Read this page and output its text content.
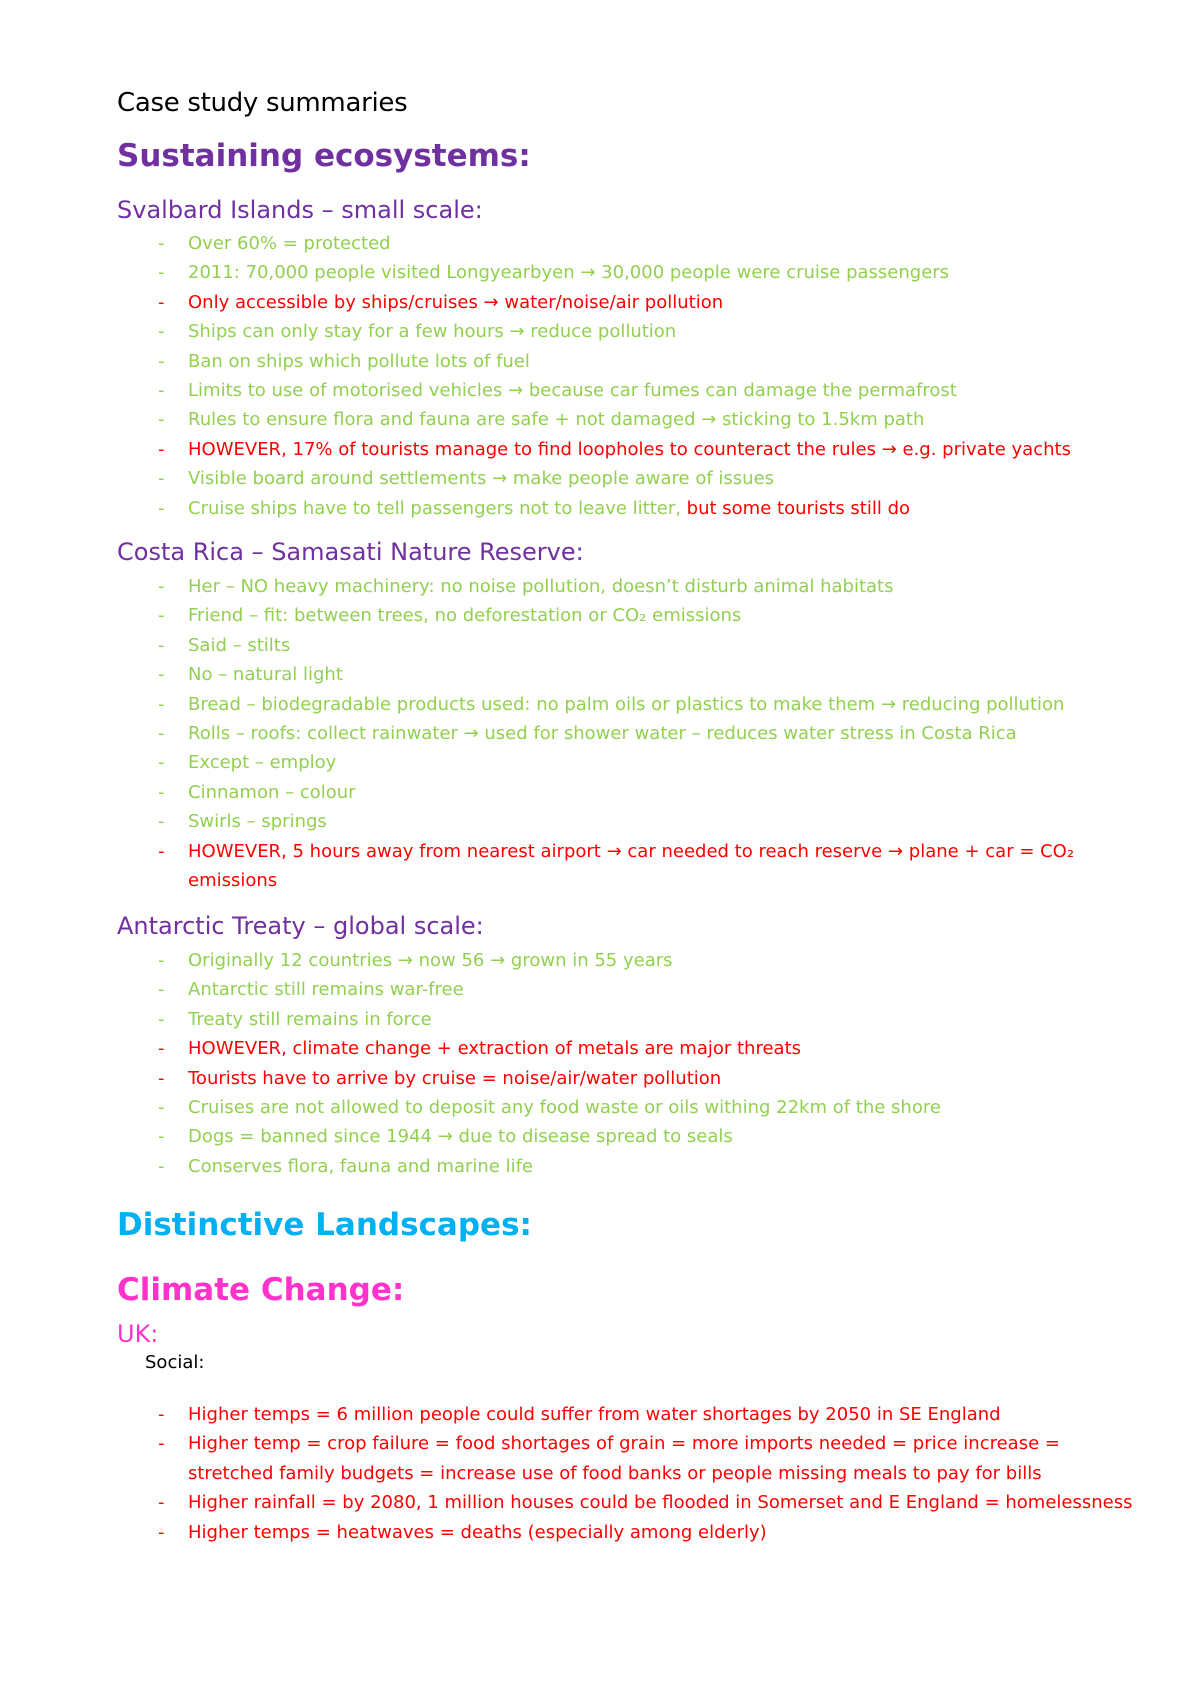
Case study summaries
Sustaining ecosystems:
Svalbard Islands – small scale:
- Over 60% = protected
- 2011: 70,000 people visited Longyearbyen → 30,000 people were cruise passengers
- Only accessible by ships/cruises → water/noise/air pollution
- Ships can only stay for a few hours → reduce pollution
- Ban on ships which pollute lots of fuel
- Limits to use of motorised vehicles → because car fumes can damage the permafrost
- Rules to ensure flora and fauna are safe + not damaged → sticking to 1.5km path
- HOWEVER, 17% of tourists manage to find loopholes to counteract the rules → e.g. private yachts
- Visible board around settlements → make people aware of issues
- Cruise ships have to tell passengers not to leave litter, but some tourists still do
Costa Rica – Samasati Nature Reserve:
- Her – NO heavy machinery: no noise pollution, doesn’t disturb animal habitats
- Friend – fit: between trees, no deforestation or CO₂ emissions
- Said – stilts
- No – natural light
- Bread – biodegradable products used: no palm oils or plastics to make them → reducing pollution
- Rolls – roofs: collect rainwater → used for shower water – reduces water stress in Costa Rica
- Except – employ
- Cinnamon – colour
- Swirls – springs
- HOWEVER, 5 hours away from nearest airport → car needed to reach reserve → plane + car = CO₂ emissions
Antarctic Treaty – global scale:
- Originally 12 countries → now 56 → grown in 55 years
- Antarctic still remains war-free
- Treaty still remains in force
- HOWEVER, climate change + extraction of metals are major threats
- Tourists have to arrive by cruise = noise/air/water pollution
- Cruises are not allowed to deposit any food waste or oils withing 22km of the shore
- Dogs = banned since 1944 → due to disease spread to seals
- Conserves flora, fauna and marine life
Distinctive Landscapes:
Climate Change:
UK:
Social:
- Higher temps = 6 million people could suffer from water shortages by 2050 in SE England
- Higher temp = crop failure = food shortages of grain = more imports needed = price increase = stretched family budgets = increase use of food banks or people missing meals to pay for bills
- Higher rainfall = by 2080, 1 million houses could be flooded in Somerset and E England = homelessness
- Higher temps = heatwaves = deaths (especially among elderly)
